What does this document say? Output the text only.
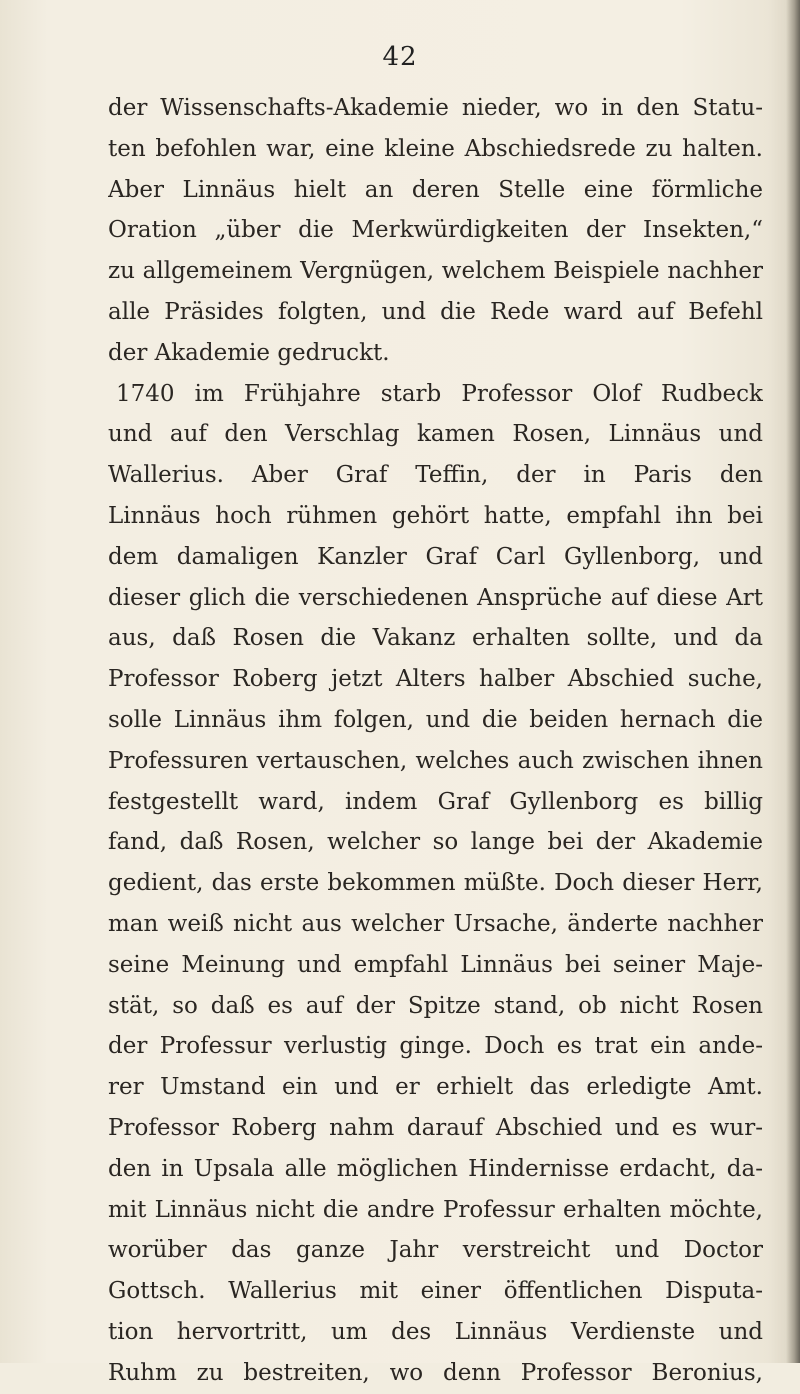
42
der Wissenschafts-Akademie nieder, wo in den Statu-
ten befohlen war, eine kleine Abschiedsrede zu halten.
Aber Linnäus hielt an deren Stelle eine förmliche
Oration „über die Merkwürdigkeiten der Insekten,“
zu allgemeinem Vergnügen, welchem Beispiele nachher
alle Präsides folgten, und die Rede ward auf Befehl
der Akademie gedruckt.
1740 im Frühjahre starb Professor Olof Rudbeck
und auf den Verschlag kamen Rosen, Linnäus und
Wallerius. Aber Graf Teffin, der in Paris den
Linnäus hoch rühmen gehört hatte, empfahl ihn bei
dem damaligen Kanzler Graf Carl Gyllenborg, und
dieser glich die verschiedenen Ansprüche auf diese Art
aus, daß Rosen die Vakanz erhalten sollte, und da
Professor Roberg jetzt Alters halber Abschied suche,
solle Linnäus ihm folgen, und die beiden hernach die
Professuren vertauschen, welches auch zwischen ihnen
festgestellt ward, indem Graf Gyllenborg es billig
fand, daß Rosen, welcher so lange bei der Akademie
gedient, das erste bekommen müßte. Doch dieser Herr,
man weiß nicht aus welcher Ursache, änderte nachher
seine Meinung und empfahl Linnäus bei seiner Maje-
stät, so daß es auf der Spitze stand, ob nicht Rosen
der Professur verlustig ginge. Doch es trat ein ande-
rer Umstand ein und er erhielt das erledigte Amt.
Professor Roberg nahm darauf Abschied und es wur-
den in Upsala alle möglichen Hindernisse erdacht, da-
mit Linnäus nicht die andre Professur erhalten möchte,
worüber das ganze Jahr verstreicht und Doctor
Gottsch. Wallerius mit einer öffentlichen Disputa-
tion hervortritt, um des Linnäus Verdienste und
Ruhm zu bestreiten, wo denn Professor Beronius,
